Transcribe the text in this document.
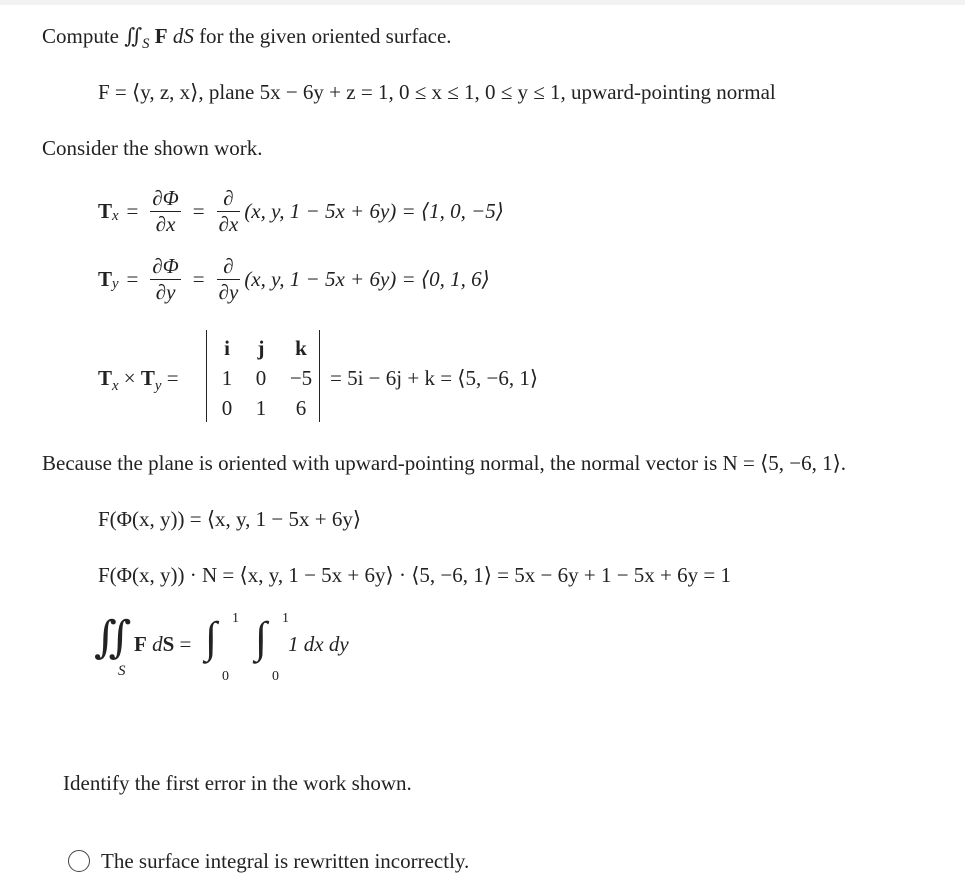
Compute $∬_S$ F dS for the given oriented surface.
F = ⟨y, z, x⟩, plane 5x − 6y + z = 1, 0 ≤ x ≤ 1, 0 ≤ y ≤ 1, upward-pointing normal
Consider the shown work.
T $x = \frac{\partial\Phi}{\partial x} = \frac{\partial}{\partial x} (x$, y, 1 − 5x + 6y) = ⟨1, 0, −5⟩
T $y = \frac{\partial\Phi}{\partial y} = \frac{\partial}{\partial y} (x$, y, 1 − 5x + 6y) = ⟨0, 1, 6⟩
$T_x \times T_y$ =
i	j	k
1	0	−5
0	1	6
= 5i − 6j + k = ⟨5, −6, 1⟩
Because the plane is oriented with upward-pointing normal, the normal vector is N = ⟨5, −6, 1⟩.
F(Φ(x, y)) = ⟨x, y, 1 − 5x + 6y⟩
F(Φ(x, y)) · N = ⟨x, y, 1 − 5x + 6y⟩ · ⟨5, −6, 1⟩ = 5x − 6y + 1 − 5x + 6y = 1
∬
S
F dS = ∫ 1
0
∫ 1
0
1 dx dy
Identify the first error in the work shown.
The surface integral is rewritten incorrectly.
